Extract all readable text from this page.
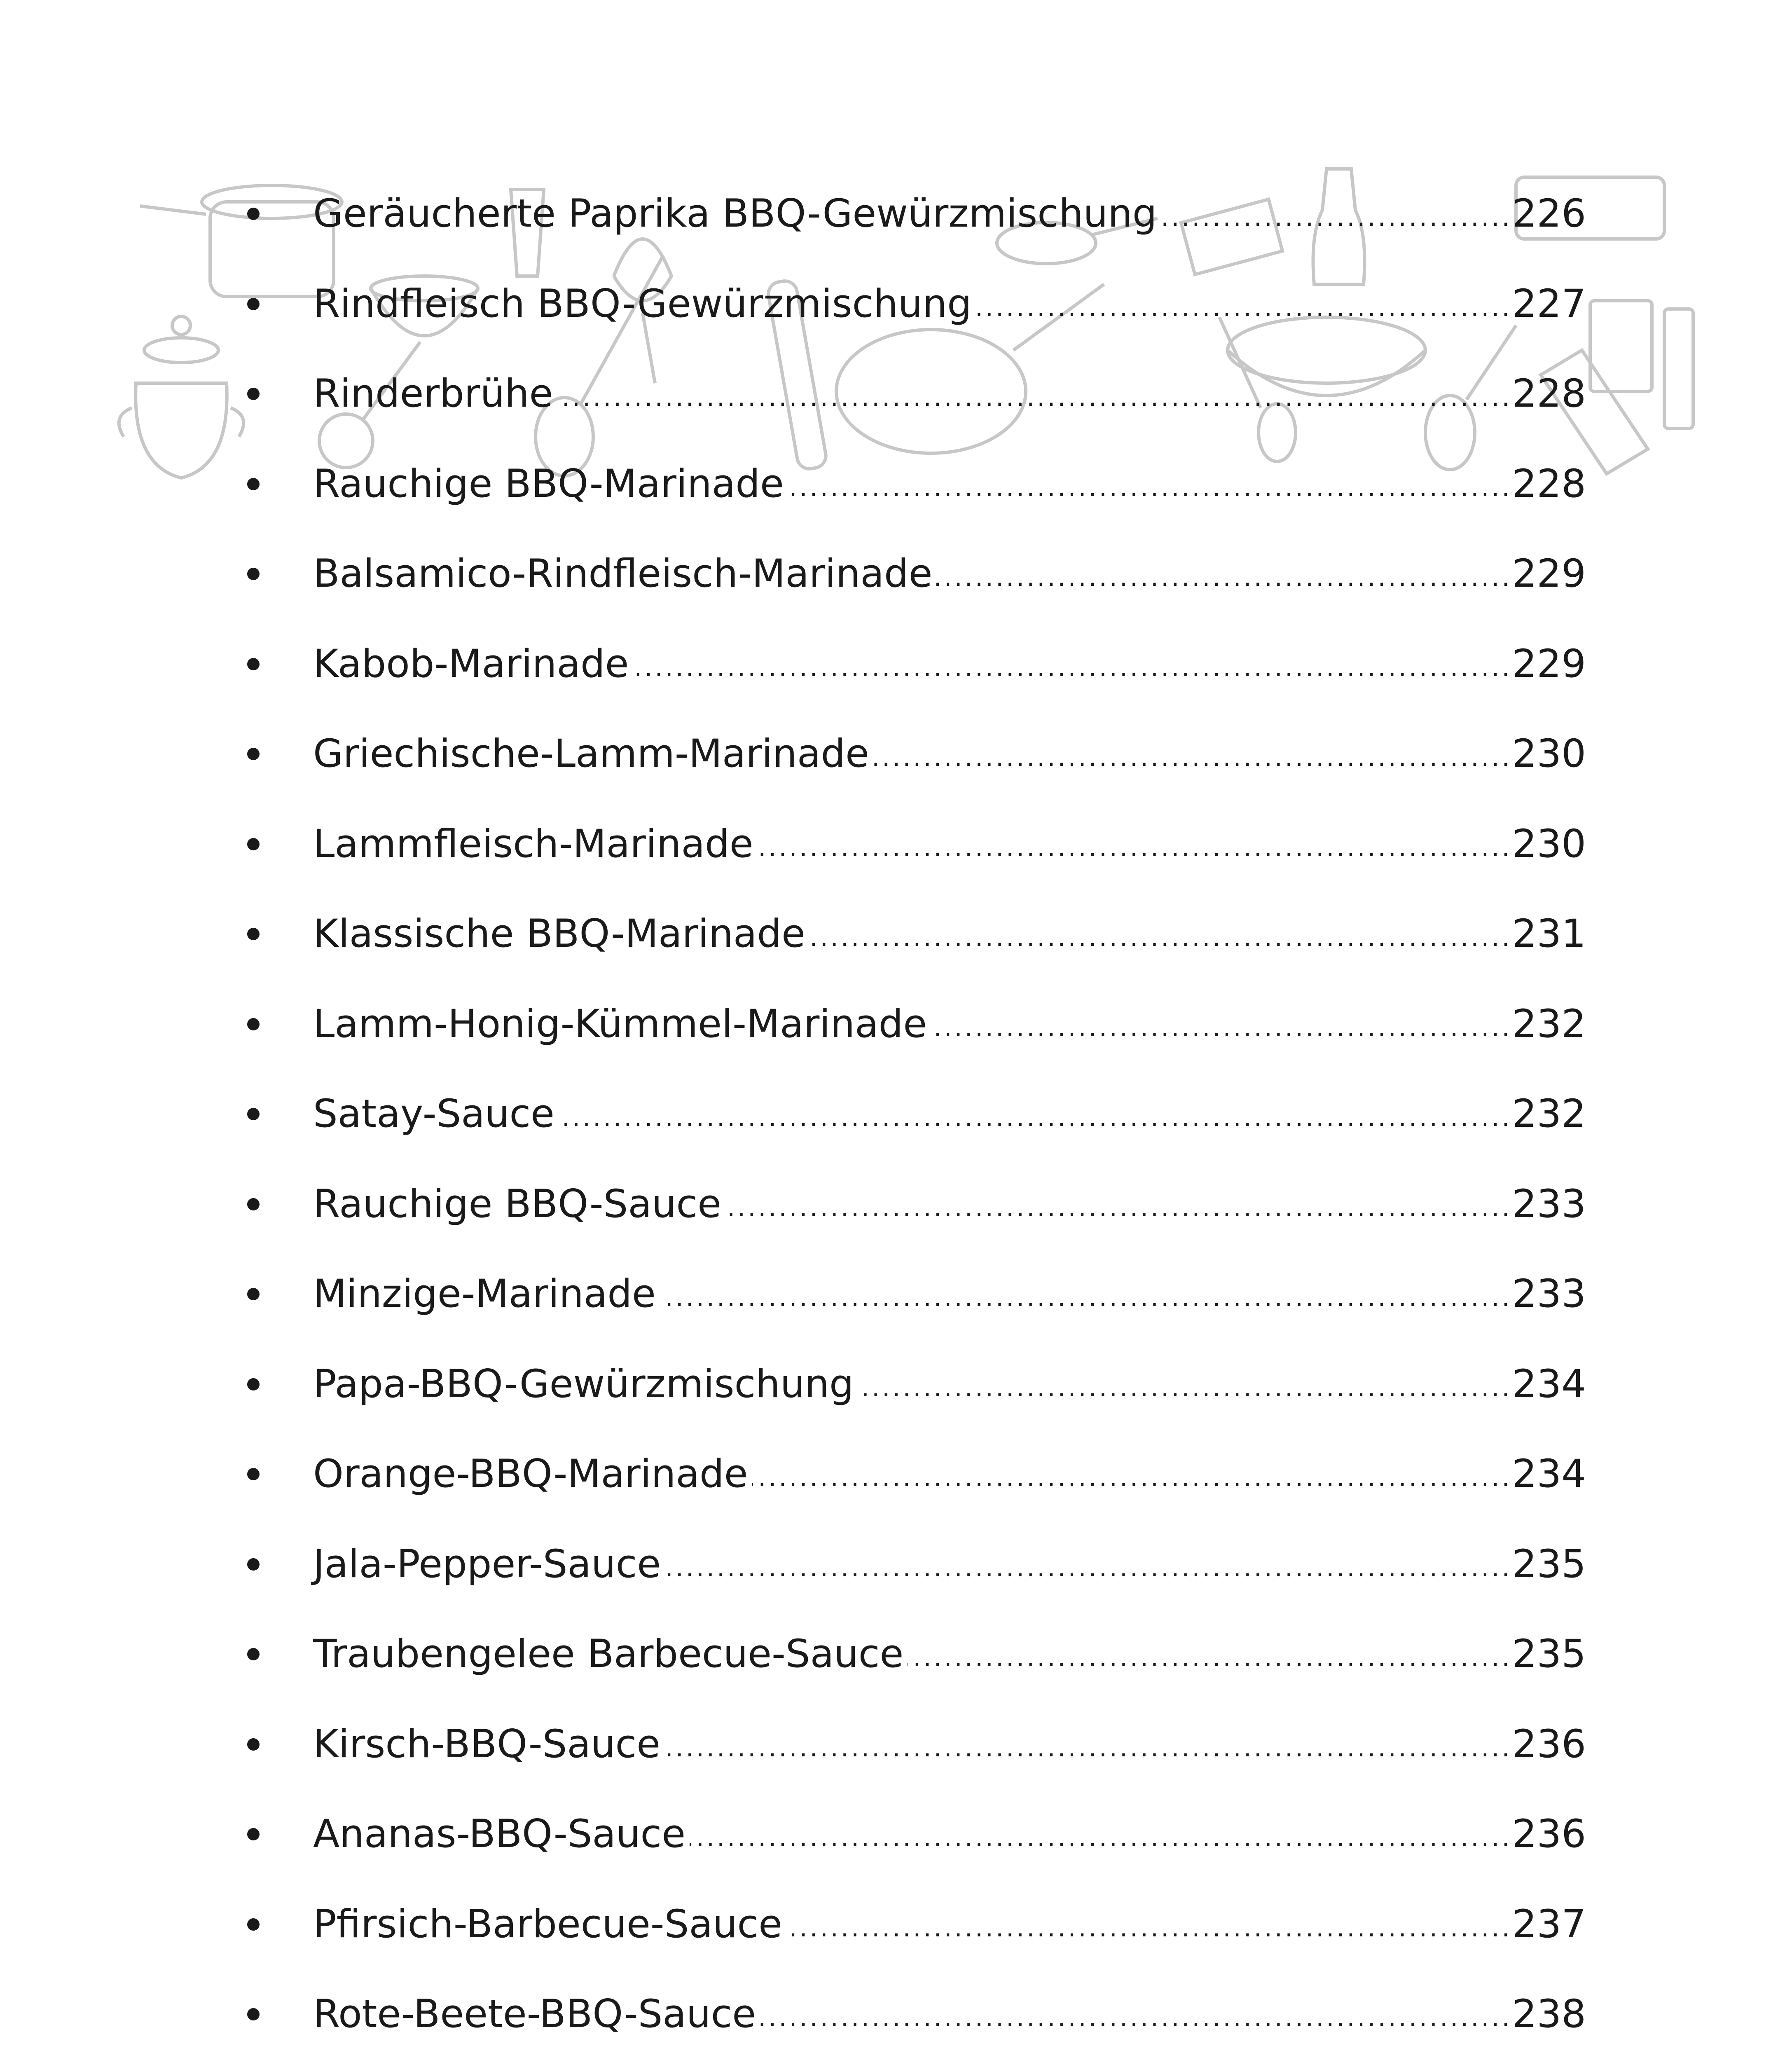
Geräucherte Paprika BBQ-Gewürzmischung .....	226
Rindfleisch BBQ-Gewürzmischung .....	227
Rinderbrühe .....	228
Rauchige BBQ-Marinade .....	228
Balsamico-Rindfleisch-Marinade .....	229
Kabob-Marinade .....	229
Griechische-Lamm-Marinade .....	230
Lammfleisch-Marinade .....	230
Klassische BBQ-Marinade .....	231
Lamm-Honig-Kümmel-Marinade .....	232
Satay-Sauce .....	232
Rauchige BBQ-Sauce .....	233
Minzige-Marinade .....	233
Papa-BBQ-Gewürzmischung .....	234
Orange-BBQ-Marinade .....	234
Jala-Pepper-Sauce .....	235
Traubengelee Barbecue-Sauce .....	235
Kirsch-BBQ-Sauce .....	236
Ananas-BBQ-Sauce .....	236
Pfirsich-Barbecue-Sauce .....	237
Rote-Beete-BBQ-Sauce .....	238
